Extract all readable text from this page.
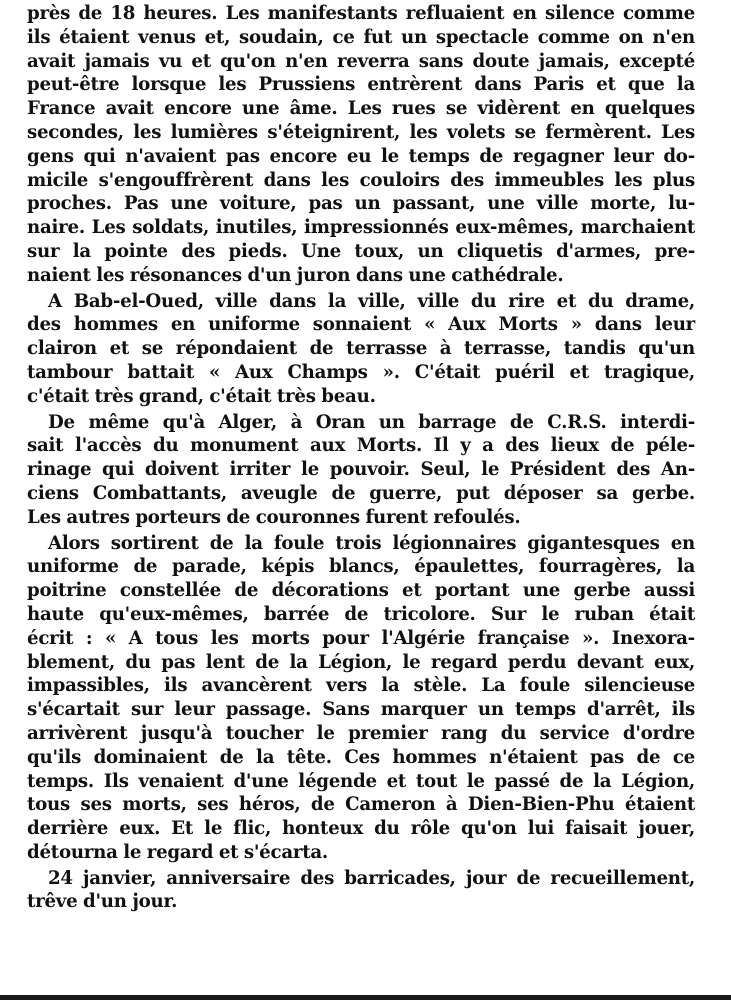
près de 18 heures. Les manifestants refluaient en silence comme
ils étaient venus et, soudain, ce fut un spectacle comme on n'en
avait jamais vu et qu'on n'en reverra sans doute jamais, excepté
peut-être lorsque les Prussiens entrèrent dans Paris et que la
France avait encore une âme. Les rues se vidèrent en quelques
secondes, les lumières s'éteignirent, les volets se fermèrent. Les
gens qui n'avaient pas encore eu le temps de regagner leur do-
micile s'engouffrèrent dans les couloirs des immeubles les plus
proches. Pas une voiture, pas un passant, une ville morte, lu-
naire. Les soldats, inutiles, impressionnés eux-mêmes, marchaient
sur la pointe des pieds. Une toux, un cliquetis d'armes, pre-
naient les résonances d'un juron dans une cathédrale.

A Bab-el-Oued, ville dans la ville, ville du rire et du drame,
des hommes en uniforme sonnaient « Aux Morts » dans leur
clairon et se répondaient de terrasse à terrasse, tandis qu'un
tambour battait « Aux Champs ». C'était puéril et tragique,
c'était très grand, c'était très beau.

De même qu'à Alger, à Oran un barrage de C.R.S. interdi-
sait l'accès du monument aux Morts. Il y a des lieux de péle-
rinage qui doivent irriter le pouvoir. Seul, le Président des An-
ciens Combattants, aveugle de guerre, put déposer sa gerbe.
Les autres porteurs de couronnes furent refoulés.

Alors sortirent de la foule trois légionnaires gigantesques en
uniforme de parade, képis blancs, épaulettes, fourragères, la
poitrine constellée de décorations et portant une gerbe aussi
haute qu'eux-mêmes, barrée de tricolore. Sur le ruban était
écrit : « A tous les morts pour l'Algérie française ». Inexora-
blement, du pas lent de la Légion, le regard perdu devant eux,
impassibles, ils avancèrent vers la stèle. La foule silencieuse
s'écartait sur leur passage. Sans marquer un temps d'arrêt, ils
arrivèrent jusqu'à toucher le premier rang du service d'ordre
qu'ils dominaient de la tête. Ces hommes n'étaient pas de ce
temps. Ils venaient d'une légende et tout le passé de la Légion,
tous ses morts, ses héros, de Cameron à Dien-Bien-Phu étaient
derrière eux. Et le flic, honteux du rôle qu'on lui faisait jouer,
détourna le regard et s'écarta.

24 janvier, anniversaire des barricades, jour de recueillement,
trêve d'un jour.
